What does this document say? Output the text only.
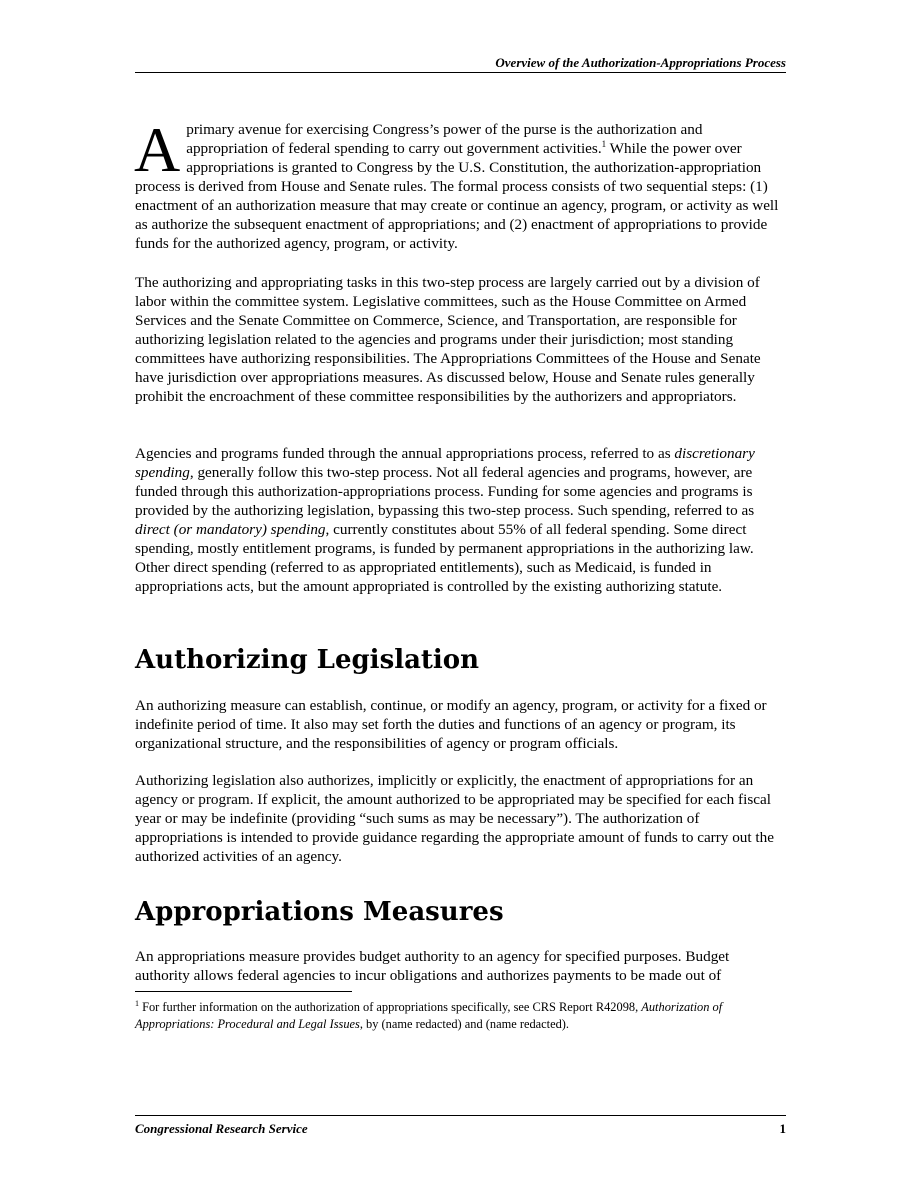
Overview of the Authorization-Appropriations Process
Aprimary avenue for exercising Congress’s power of the purse is the authorization and appropriation of federal spending to carry out government activities.$^1$ While the power over appropriations is granted to Congress by the U.S. Constitution, the authorization-appropriation process is derived from House and Senate rules. The formal process consists of two sequential steps: (1) enactment of an authorization measure that may create or continue an agency, program, or activity as well as authorize the subsequent enactment of appropriations; and (2) enactment of appropriations to provide funds for the authorized agency, program, or activity.

The authorizing and appropriating tasks in this two-step process are largely carried out by a division of labor within the committee system. Legislative committees, such as the House Committee on Armed Services and the Senate Committee on Commerce, Science, and Transportation, are responsible for authorizing legislation related to the agencies and programs under their jurisdiction; most standing committees have authorizing responsibilities. The Appropriations Committees of the House and Senate have jurisdiction over appropriations measures. As discussed below, House and Senate rules generally prohibit the encroachment of these committee responsibilities by the authorizers and appropriators.

Agencies and programs funded through the annual appropriations process, referred to as discretionary spending, generally follow this two-step process. Not all federal agencies and programs, however, are funded through this authorization-appropriations process. Funding for some agencies and programs is provided by the authorizing legislation, bypassing this two-step process. Such spending, referred to as direct (or mandatory) spending, currently constitutes about 55% of all federal spending. Some direct spending, mostly entitlement programs, is funded by permanent appropriations in the authorizing law. Other direct spending (referred to as appropriated entitlements), such as Medicaid, is funded in appropriations acts, but the amount appropriated is controlled by the existing authorizing statute.
Authorizing Legislation

An authorizing measure can establish, continue, or modify an agency, program, or activity for a fixed or indefinite period of time. It also may set forth the duties and functions of an agency or program, its organizational structure, and the responsibilities of agency or program officials.

Authorizing legislation also authorizes, implicitly or explicitly, the enactment of appropriations for an agency or program. If explicit, the amount authorized to be appropriated may be specified for each fiscal year or may be indefinite (providing “such sums as may be necessary”). The authorization of appropriations is intended to provide guidance regarding the appropriate amount of funds to carry out the authorized activities of an agency.

Appropriations Measures

An appropriations measure provides budget authority to an agency for specified purposes. Budget authority allows federal agencies to incur obligations and authorizes payments to be made out of

$^1$ For further information on the authorization of appropriations specifically, see CRS Report R42098, Authorization of Appropriations: Procedural and Legal Issues, by (name redacted) and (name redacted).
Congressional Research Service	1
